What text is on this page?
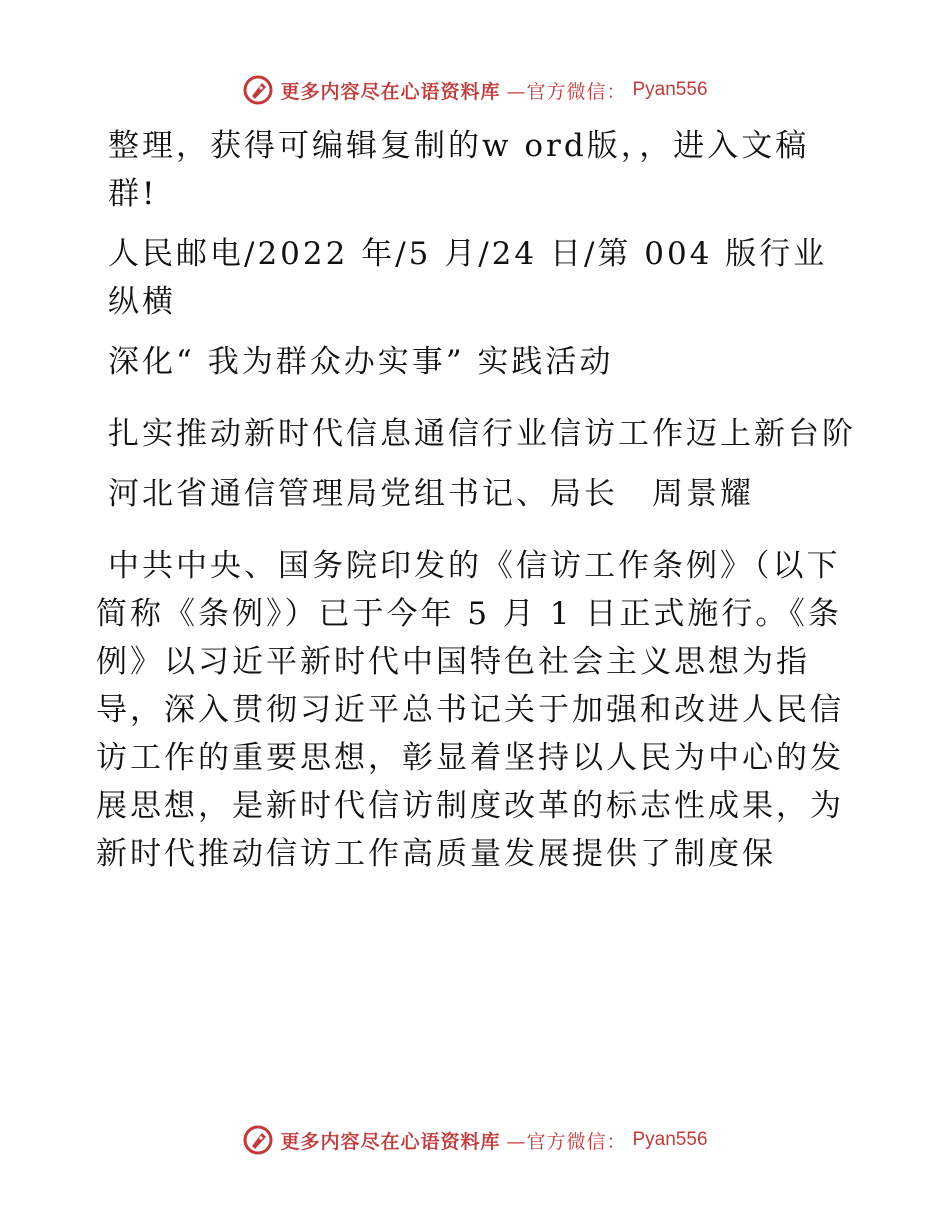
更多内容尽在心语资料库 —官方微信： Pyan556

整理，获得可编辑复制的w ord版，，进入文稿群!

人民邮电/2022 年/5 月/24 日/第 004 版行业纵横

深化“ 我为群众办实事” 实践活动

扎实推动新时代信息通信行业信访工作迈上新台阶

河北省通信管理局党组书记、局长　周景耀

中共中央、国务院印发的《信访工作条例》（以下简称《条例》）已于今年 5 月 1 日正式施行。《条例》以习近平新时代中国特色社会主义思想为指导，深入贯彻习近平总书记关于加强和改进人民信访工作的重要思想，彰显着坚持以人民为中心的发展思想，是新时代信访制度改革的标志性成果，为新时代推动信访工作高质量发展提供了制度保

更多内容尽在心语资料库 —官方微信： Pyan556
